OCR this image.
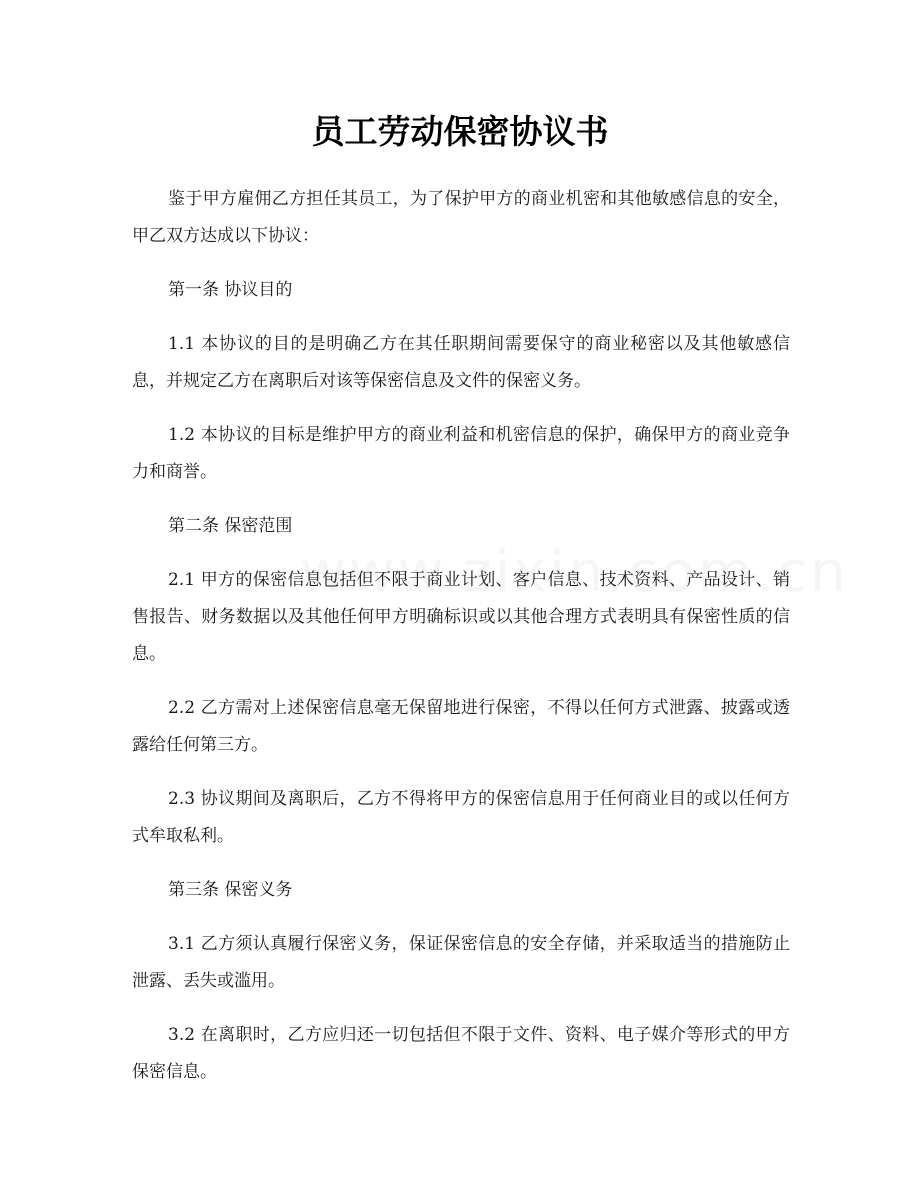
员工劳动保密协议书

鉴于甲方雇佣乙方担任其员工，为了保护甲方的商业机密和其他敏感信息的安全，甲乙双方达成以下协议：

第一条 协议目的

1.1 本协议的目的是明确乙方在其任职期间需要保守的商业秘密以及其他敏感信息，并规定乙方在离职后对该等保密信息及文件的保密义务。

1.2 本协议的目标是维护甲方的商业利益和机密信息的保护，确保甲方的商业竞争力和商誉。

第二条 保密范围

2.1 甲方的保密信息包括但不限于商业计划、客户信息、技术资料、产品设计、销售报告、财务数据以及其他任何甲方明确标识或以其他合理方式表明具有保密性质的信息。

2.2 乙方需对上述保密信息毫无保留地进行保密，不得以任何方式泄露、披露或透露给任何第三方。

2.3 协议期间及离职后，乙方不得将甲方的保密信息用于任何商业目的或以任何方式牟取私利。

第三条 保密义务

3.1 乙方须认真履行保密义务，保证保密信息的安全存储，并采取适当的措施防止泄露、丢失或滥用。

3.2 在离职时，乙方应归还一切包括但不限于文件、资料、电子媒介等形式的甲方保密信息。
